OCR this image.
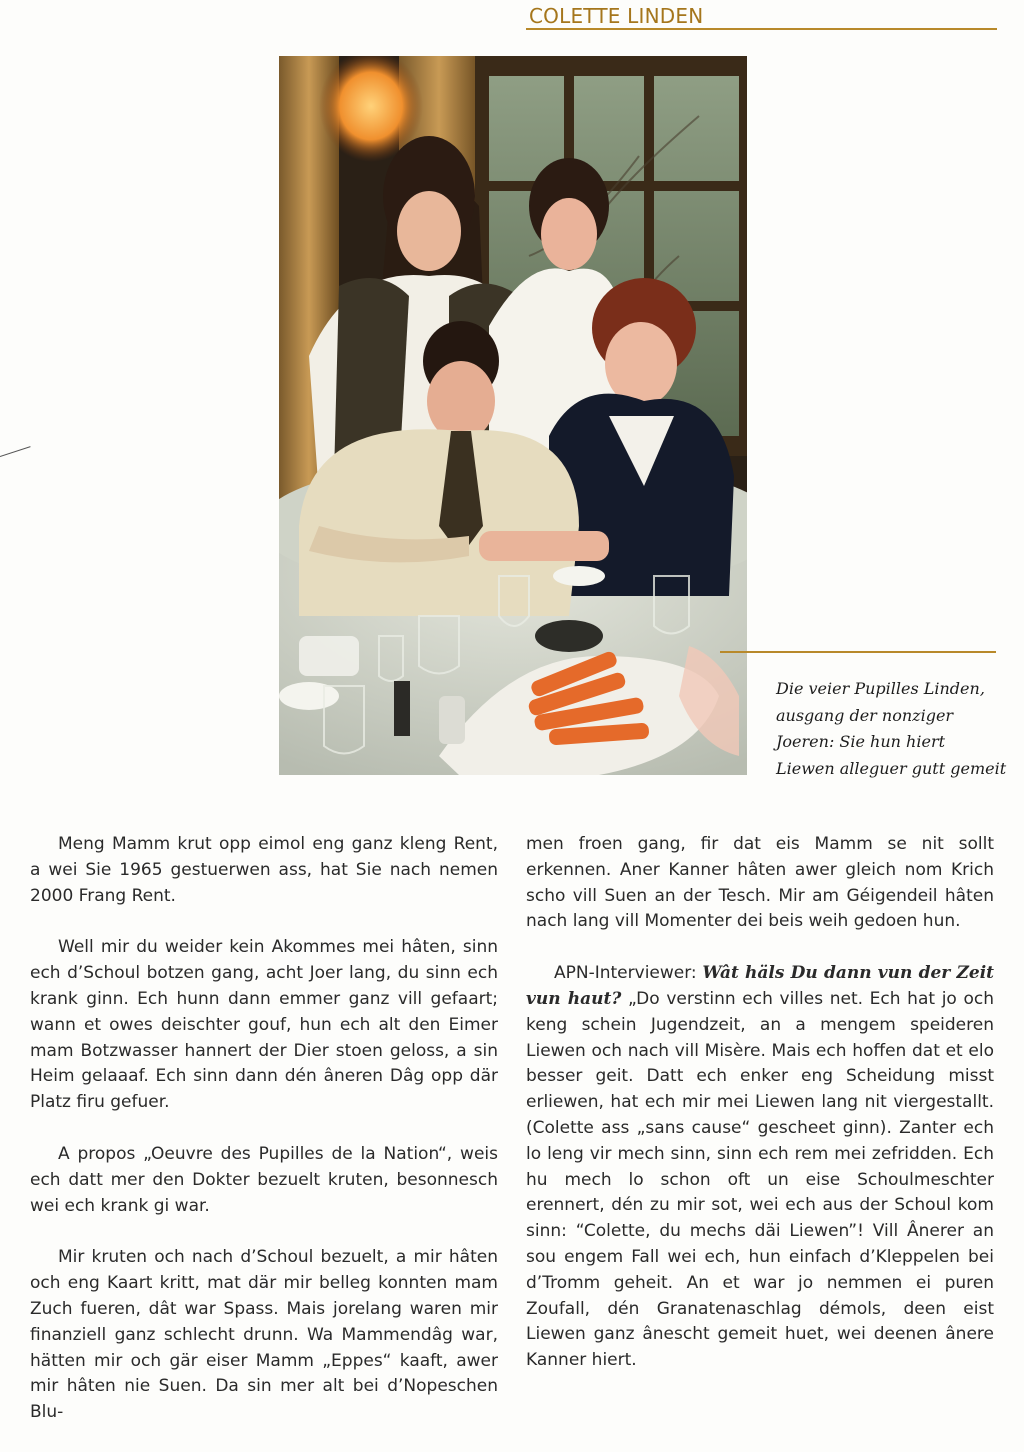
COLETTE LINDEN
Die veier Pupilles Linden,
ausgang der nonziger
Joeren: Sie hun hiert
Liewen alleguer gutt gemeit

Meng Mamm krut opp eimol eng ganz kleng Rent, a wei Sie 1965 gestuerwen ass, hat Sie nach nemen 2000 Frang Rent.

Well mir du weider kein Akommes mei hâten, sinn ech d’Schoul botzen gang, acht Joer lang, du sinn ech krank ginn. Ech hunn dann emmer ganz vill gefaart; wann et owes deischter gouf, hun ech alt den Eimer mam Botzwasser hannert der Dier stoen geloss, a sin Heim gelaaaf. Ech sinn dann dén âneren Dâg opp där Platz firu gefuer.

A propos „Oeuvre des Pupilles de la Nation“, weis ech datt mer den Dokter bezuelt kruten, besonnesch wei ech krank gi war.

Mir kruten och nach d’Schoul bezuelt, a mir hâten och eng Kaart kritt, mat där mir belleg konnten mam Zuch fueren, dât war Spass. Mais jorelang waren mir finanziell ganz schlecht drunn. Wa Mammendâg war, hätten mir och gär eiser Mamm „Eppes“ kaaft, awer mir hâten nie Suen. Da sin mer alt bei d’Nopeschen Blu-

men froen gang, fir dat eis Mamm se nit sollt erkennen. Aner Kanner hâten awer gleich nom Krich scho vill Suen an der Tesch. Mir am Géigendeil hâten nach lang vill Momenter dei beis weih gedoen hun.

APN-Interviewer: Wât häls Du dann vun der Zeit vun haut? „Do verstinn ech villes net. Ech hat jo och keng schein Jugendzeit, an a mengem speideren Liewen och nach vill Misère. Mais ech hoffen dat et elo besser geit. Datt ech enker eng Scheidung misst erliewen, hat ech mir mei Liewen lang nit viergestallt. (Colette ass „sans cause“ gescheet ginn). Zanter ech lo leng vir mech sinn, sinn ech rem mei zefridden. Ech hu mech lo schon oft un eise Schoulmeschter erennert, dén zu mir sot, wei ech aus der Schoul kom sinn: “Colette, du mechs däi Liewen”! Vill Ânerer an sou engem Fall wei ech, hun einfach d’Kleppelen bei d’Tromm geheit. An et war jo nemmen ei puren Zoufall, dén Granatenaschlag démols, deen eist Liewen ganz ânescht gemeit huet, wei deenen ânere Kanner hiert.
